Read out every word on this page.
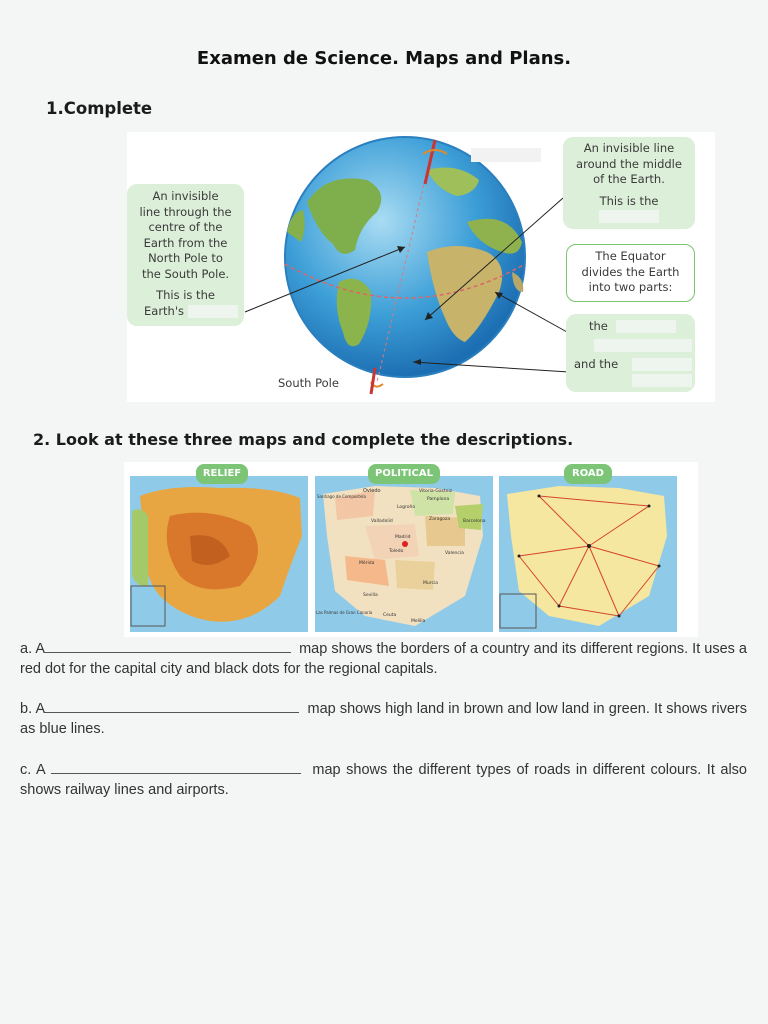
Examen de Science. Maps and Plans.
1.Complete
An invisible
line through the
centre of the
Earth from the
North Pole to
the South Pole.
This is the
Earth's
An invisible line
around the middle
of the Earth.
This is the
The Equator
divides the Earth
into two parts:
the
and the
South Pole
2. Look at these three maps and complete the descriptions.
Oviedo
Santiago de Compostela
Vitoria-Gasteiz
Pamplona
Logroño
Valladolid	Zaragoza	Barcelona
Madrid
Toledo	Valencia
Mérida
Murcia
Sevilla
Las Palmas de Gran Canaria
Ceuta
Melilla
RELIEF	POLITICAL	ROAD
a. A	map shows the borders of a country and its different regions. It uses a red dot for the capital city and black dots for the regional capitals.
b. A	map shows high land in brown and low land in green. It shows rivers as blue lines.
c. A	map shows the different types of roads in different colours. It also shows railway lines and airports.
